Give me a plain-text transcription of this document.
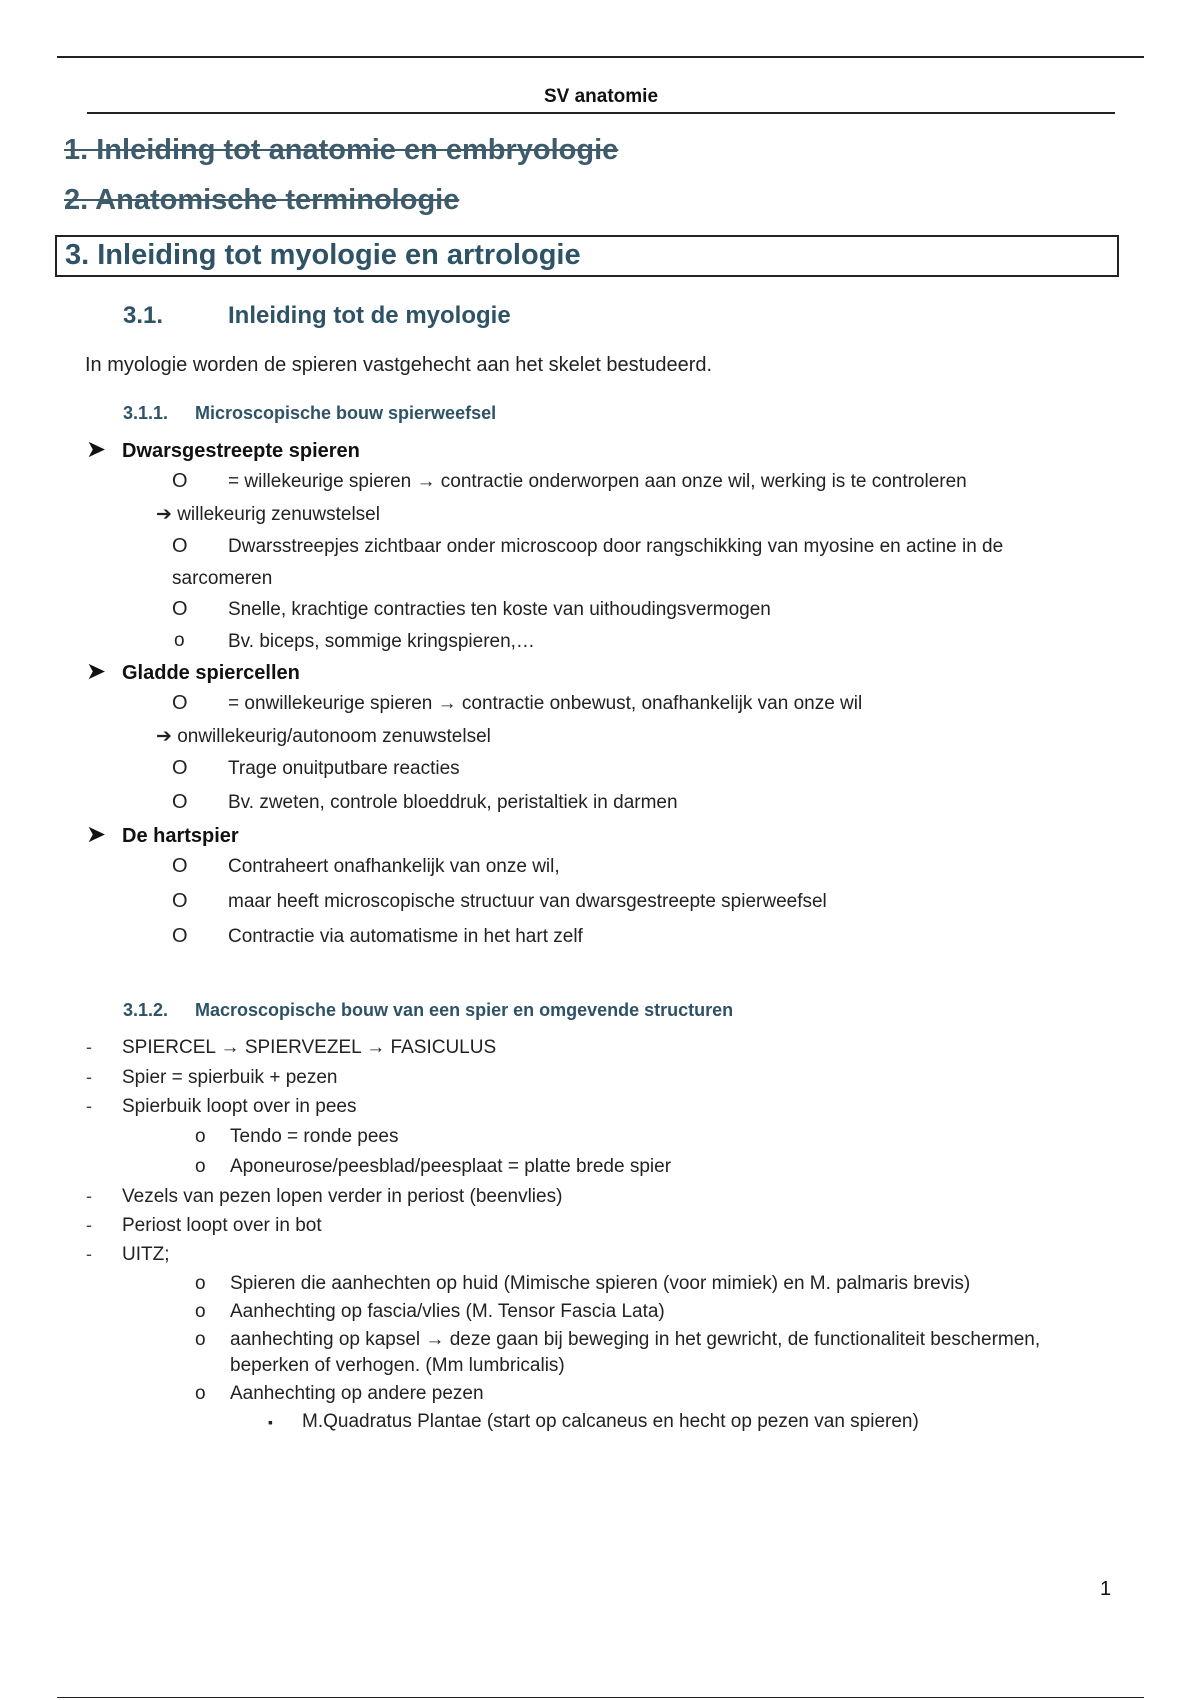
SV anatomie
1. Inleiding tot anatomie en embryologie
2. Anatomische terminologie
3. Inleiding tot myologie en artrologie
3.1.	Inleiding tot de myologie
In myologie worden de spieren vastgehecht aan het skelet bestudeerd.
3.1.1. Microscopische bouw spierweefsel
➤ Dwarsgestreepte spieren
O = willekeurige spieren → contractie onderworpen aan onze wil, werking is te controleren
➔ willekeurig zenuwstelsel
O Dwarsstreepjes zichtbaar onder microscoop door rangschikking van myosine en actine in de
sarcomeren
O Snelle, krachtige contracties ten koste van uithoudingsvermogen
o Bv. biceps, sommige kringspieren,…
➤ Gladde spiercellen
O = onwillekeurige spieren → contractie onbewust, onafhankelijk van onze wil
➔ onwillekeurig/autonoom zenuwstelsel
O Trage onuitputbare reacties
O Bv. zweten, controle bloeddruk, peristaltiek in darmen
➤ De hartspier
O Contraheert onafhankelijk van onze wil,
O maar heeft microscopische structuur van dwarsgestreepte spierweefsel
O Contractie via automatisme in het hart zelf
3.1.2. Macroscopische bouw van een spier en omgevende structuren
- SPIERCEL → SPIERVEZEL → FASICULUS
- Spier = spierbuik + pezen
- Spierbuik loopt over in pees
o Tendo = ronde pees
o Aponeurose/peesblad/peesplaat = platte brede spier
- Vezels van pezen lopen verder in periost (beenvlies)
- Periost loopt over in bot
- UITZ;
o Spieren die aanhechten op huid (Mimische spieren (voor mimiek) en M. palmaris brevis)
o Aanhechting op fascia/vlies (M. Tensor Fascia Lata)
o aanhechting op kapsel → deze gaan bij beweging in het gewricht, de functionaliteit beschermen,
beperken of verhogen. (Mm lumbricalis)
o Aanhechting op andere pezen
▪ M.Quadratus Plantae (start op calcaneus en hecht op pezen van spieren)
1
